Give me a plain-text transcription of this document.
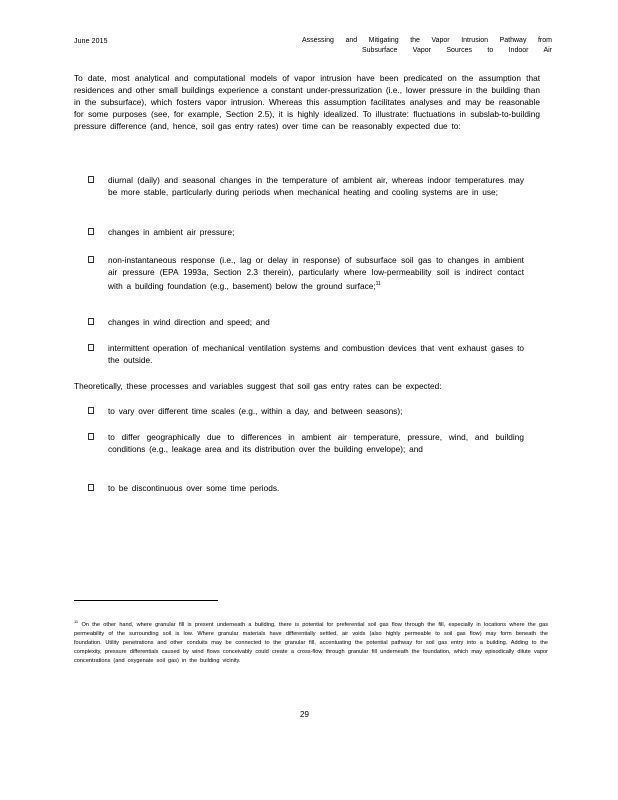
June 2015	Assessing and Mitigating the Vapor Intrusion Pathway from
Subsurface Vapor Sources to Indoor Air
To date, most analytical and computational models of vapor intrusion have been predicated on the assumption that residences and other small buildings experience a constant under-pressurization (i.e., lower pressure in the building than in the subsurface), which fosters vapor intrusion. Whereas this assumption facilitates analyses and may be reasonable for some purposes (see, for example, Section 2.5), it is highly idealized. To illustrate: fluctuations in subslab-to-building pressure difference (and, hence, soil gas entry rates) over time can be reasonably expected due to:
diurnal (daily) and seasonal changes in the temperature of ambient air, whereas indoor temperatures may be more stable, particularly during periods when mechanical heating and cooling systems are in use;
changes in ambient air pressure;
non-instantaneous response (i.e., lag or delay in response) of subsurface soil gas to changes in ambient air pressure (EPA 1993a, Section 2.3 therein), particularly where low-permeability soil is indirect contact with a building foundation (e.g., basement) below the ground surface;$^{11}$
changes in wind direction and speed; and
intermittent operation of mechanical ventilation systems and combustion devices that vent exhaust gases to the outside.
Theoretically, these processes and variables suggest that soil gas entry rates can be expected:
to vary over different time scales (e.g., within a day, and between seasons);
to differ geographically due to differences in ambient air temperature, pressure, wind, and building conditions (e.g., leakage area and its distribution over the building envelope); and
to be discontinuous over some time periods.
$^{11}$ On the other hand, where granular fill is present underneath a building, there is potential for preferential soil gas flow through the fill, especially in locations where the gas permeability of the surrounding soil is low. Where granular materials have differentially settled, air voids (also highly permeable to soil gas flow) may form beneath the foundation. Utility penetrations and other conduits may be connected to the granular fill, accentuating the potential pathway for soil gas entry into a building. Adding to the complexity, pressure differentials caused by wind flows conceivably could create a cross-flow through granular fill underneath the foundation, which may episodically dilute vapor concentrations (and oxygenate soil gas) in the building vicinity.
29
